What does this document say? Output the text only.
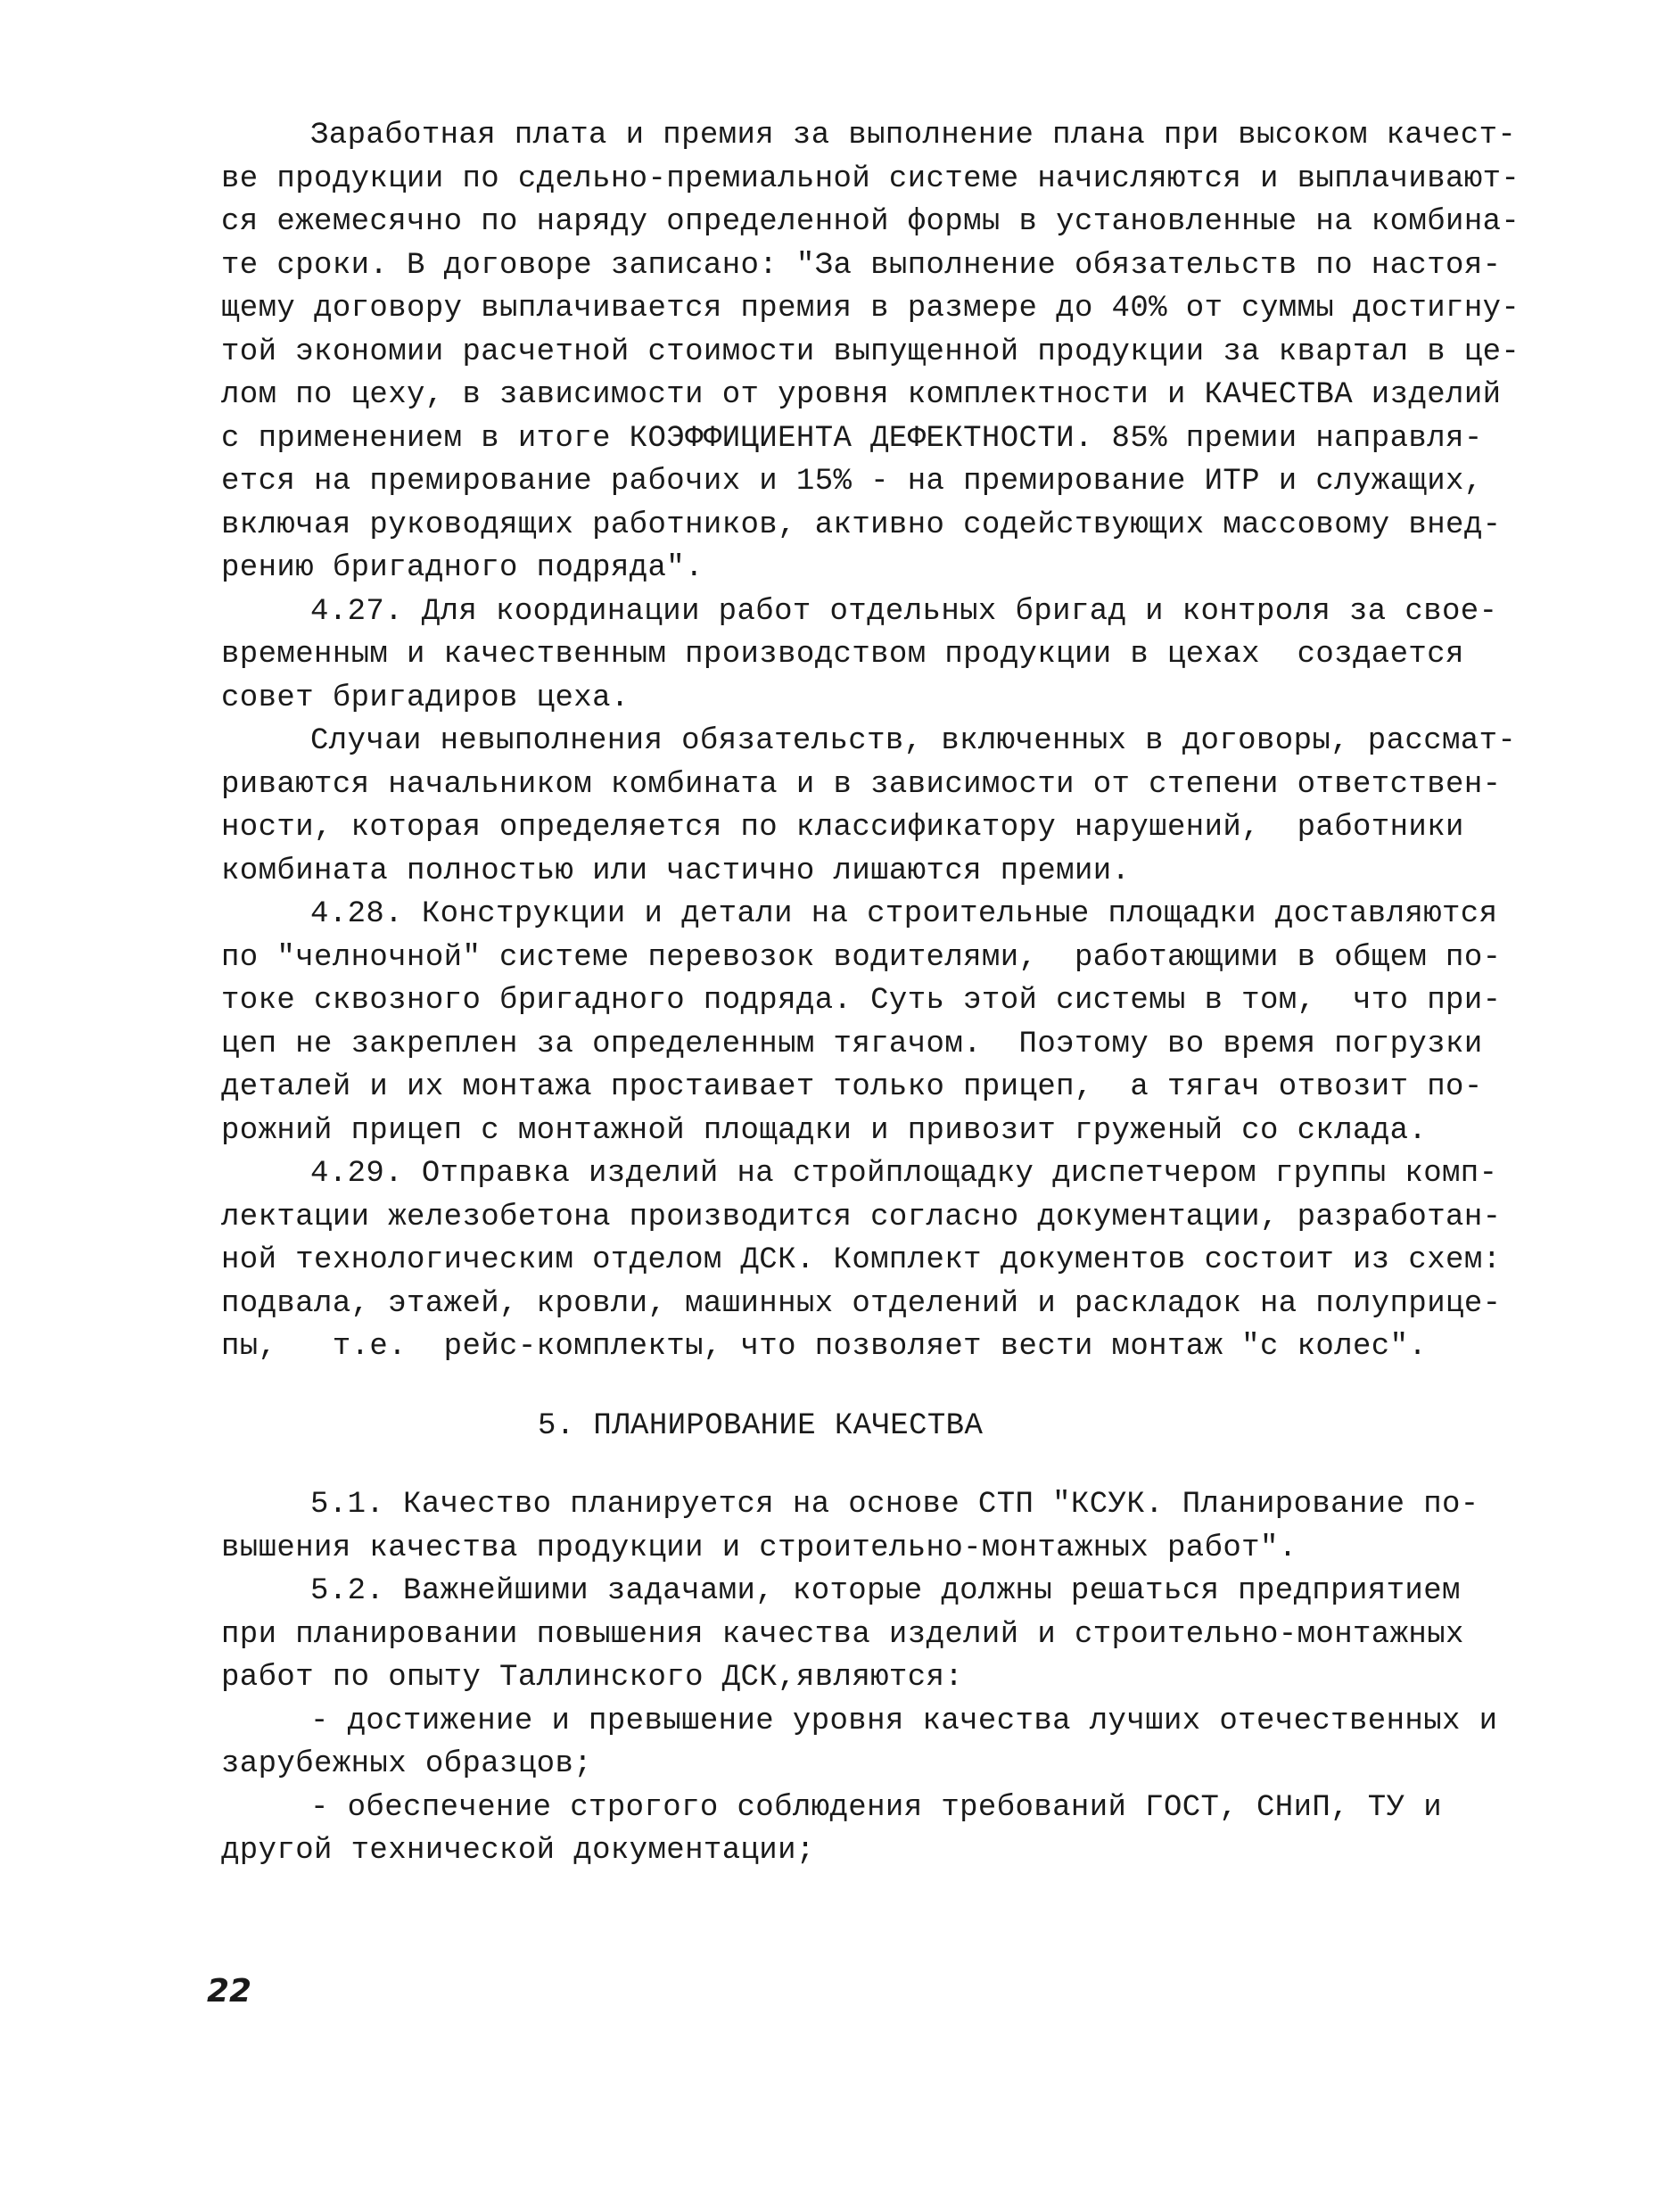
Заработная плата и премия за выполнение плана при высоком качест-
ве продукции по сдельно-премиальной системе начисляются и выплачивают-
ся ежемесячно по наряду определенной формы в установленные на комбина-
те сроки. В договоре записано: "За выполнение обязательств по настоя-
щему договору выплачивается премия в размере до 40% от суммы достигну-
той экономии расчетной стоимости выпущенной продукции за квартал в це-
лом по цеху, в зависимости от уровня комплектности и КАЧЕСТВА изделий
с применением в итоге КОЭФФИЦИЕНТА ДЕФЕКТНОСТИ. 85% премии направля-
ется на премирование рабочих и 15% - на премирование ИТР и служащих,
включая руководящих работников, активно содействующих массовому внед-
рению бригадного подряда".
4.27. Для координации работ отдельных бригад и контроля за свое-
временным и качественным производством продукции в цехах  создается
совет бригадиров цеха.
Случаи невыполнения обязательств, включенных в договоры, рассмат-
риваются начальником комбината и в зависимости от степени ответствен-
ности, которая определяется по классификатору нарушений,  работники
комбината полностью или частично лишаются премии.
4.28. Конструкции и детали на строительные площадки доставляются
по "челночной" системе перевозок водителями,  работающими в общем по-
токе сквозного бригадного подряда. Суть этой системы в том,  что при-
цеп не закреплен за определенным тягачом.  Поэтому во время погрузки
деталей и их монтажа простаивает только прицеп,  а тягач отвозит по-
рожний прицеп с монтажной площадки и привозит груженый со склада.
4.29. Отправка изделий на стройплощадку диспетчером группы комп-
лектации железобетона производится согласно документации, разработан-
ной технологическим отделом ДСК. Комплект документов состоит из схем:
подвала, этажей, кровли, машинных отделений и раскладок на полуприце-
пы,   т.е.  рейс-комплекты, что позволяет вести монтаж "с колес".
5. ПЛАНИРОВАНИЕ КАЧЕСТВА
5.1. Качество планируется на основе СТП "КСУК. Планирование по-
вышения качества продукции и строительно-монтажных работ".
5.2. Важнейшими задачами, которые должны решаться предприятием
при планировании повышения качества изделий и строительно-монтажных
работ по опыту Таллинского ДСК,являются:
- достижение и превышение уровня качества лучших отечественных и
зарубежных образцов;
- обеспечение строгого соблюдения требований ГОСТ, СНиП, ТУ и
другой технической документации;
22
